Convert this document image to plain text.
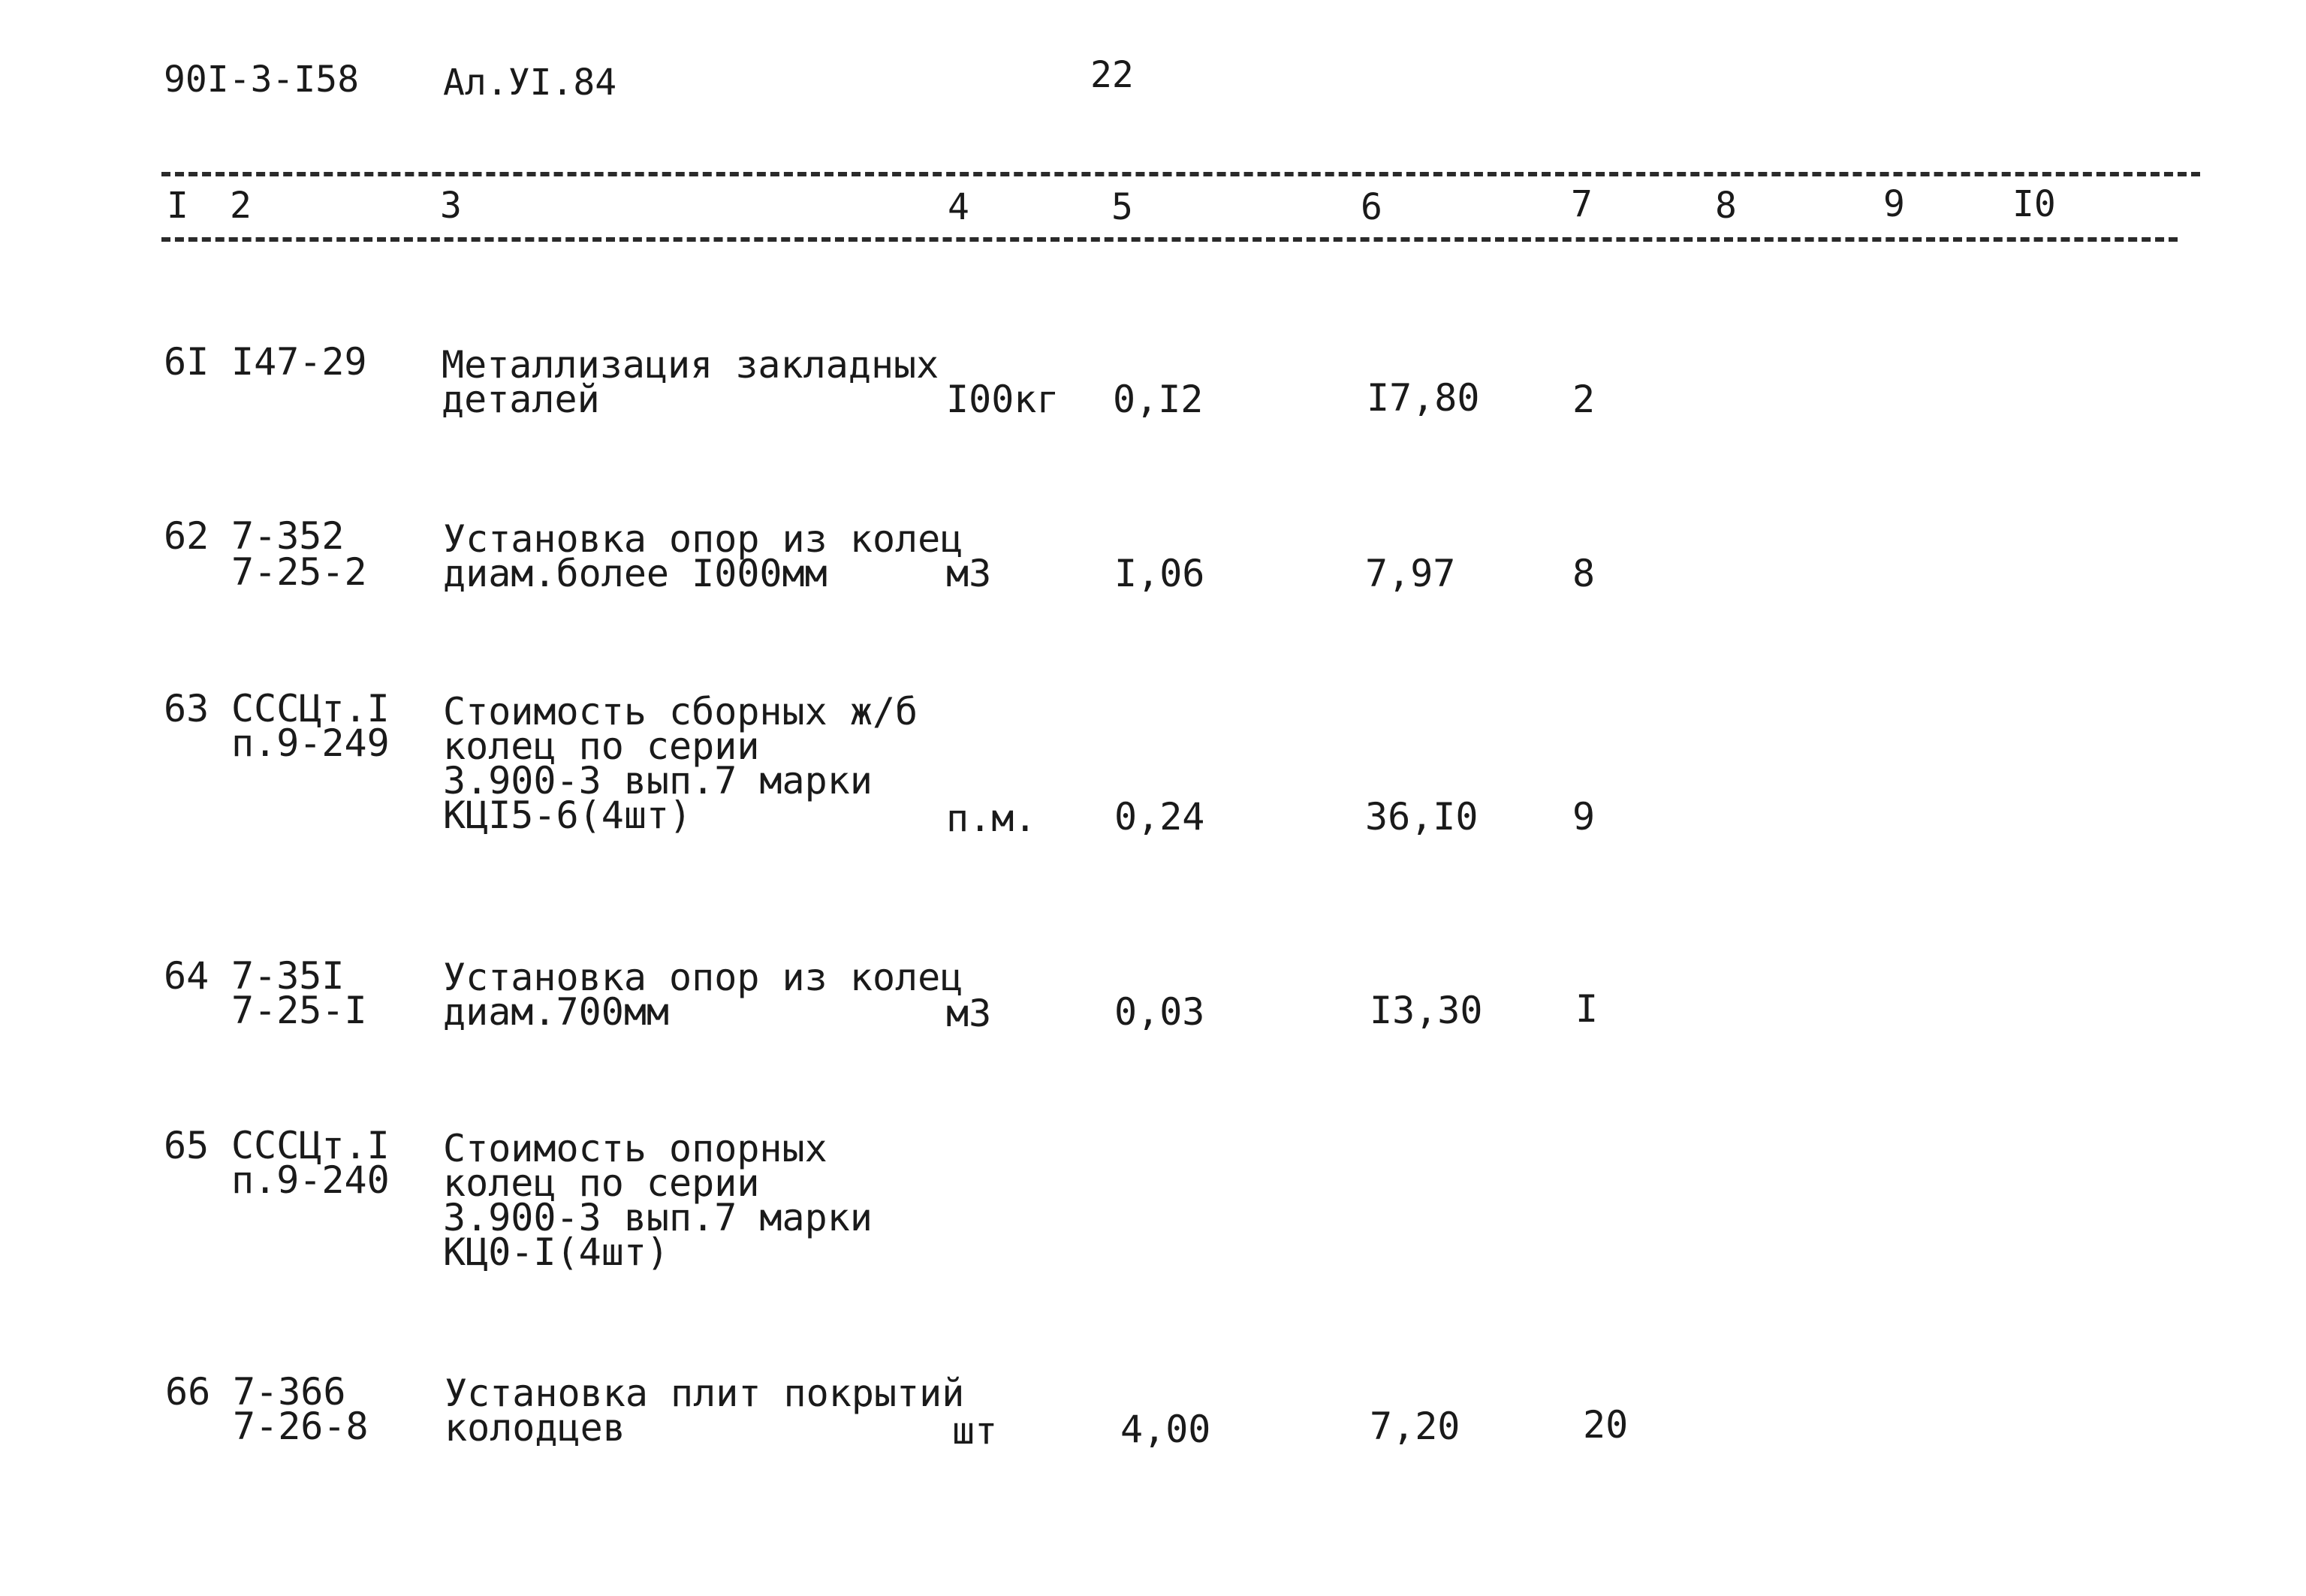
90I-3-I58 Ал.УI.84	22
I 2	3	4	5	6	7	8	9	I0
6I I47-29 Металлизация закладных
деталей	I00кг 0,I2	I7,80 2
62 7-352
7-25-2
Установка опор из колец
диам.более I000мм	м3	I,06	7,97	8
63 СССЦт.I
п.9-249
Стоимость сборных ж/б
колец по серии
3.900-3 вып.7 марки
КЦI5-6(4шт)	п.м. 0,24	36,I0	9
64 7-35I
7-25-I
Установка опор из колец
диам.700мм	м3	0,03	I3,30 I
65 СССЦт.I
п.9-240
Стоимость опорных
колец по серии
3.900-3 вып.7 марки
КЦ0-I(4шт)
66 7-366
7-26-8
Установка плит покрытий
колодцев	шт	4,00	7,20	20
